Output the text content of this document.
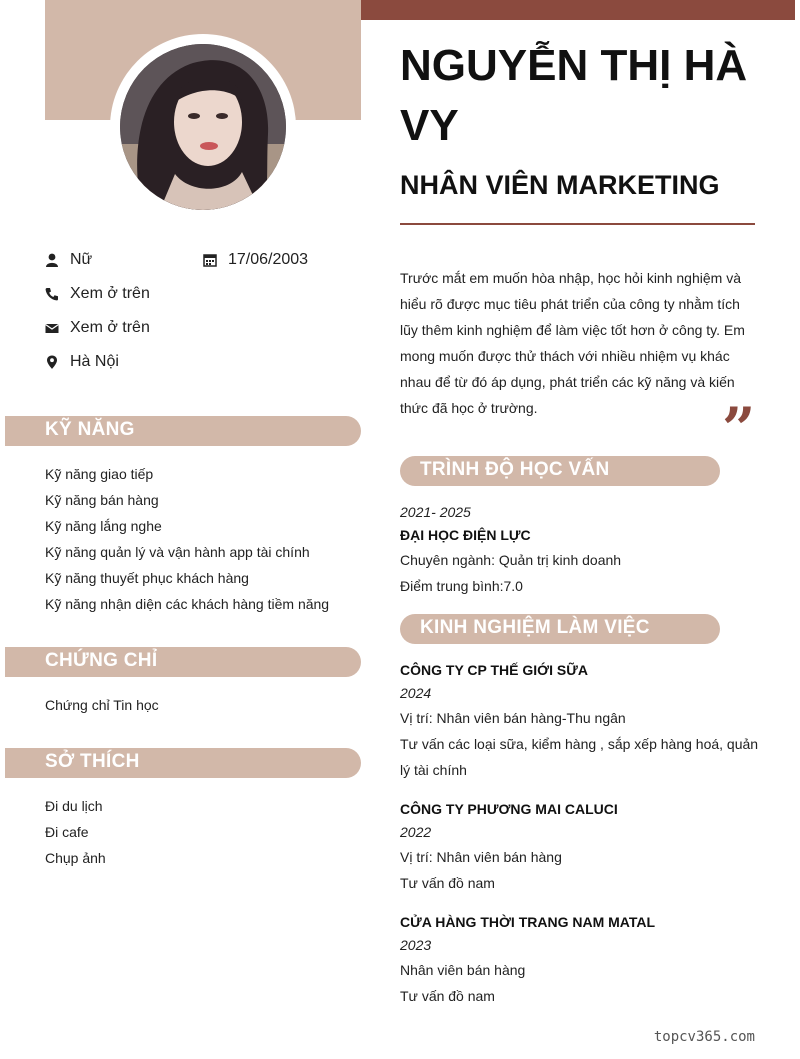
Nữ	17/06/2003
Xem ở trên
Xem ở trên
Hà Nội
KỸ NĂNG
Kỹ năng giao tiếp
Kỹ năng bán hàng
Kỹ năng lắng nghe
Kỹ năng quản lý và vận hành app tài chính
Kỹ năng thuyết phục khách hàng
Kỹ năng nhận diện các khách hàng tiềm năng
CHỨNG CHỈ
Chứng chỉ Tin học
SỞ THÍCH
Đi du lịch
Đi cafe
Chụp ảnh
NGUYỄN THỊ HÀ VY
NHÂN VIÊN MARKETING

Trước mắt em muốn hòa nhập, học hỏi kinh nghiệm và hiểu rõ được mục tiêu phát triển của công ty nhằm tích lũy thêm kinh nghiệm để làm việc tốt hơn ở công ty. Em mong muốn được thử thách với nhiều nhiệm vụ khác nhau để từ đó áp dụng, phát triển các kỹ năng và kiến thức đã học ở trường.	”
TRÌNH ĐỘ HỌC VẤN
2021- 2025
ĐẠI HỌC ĐIỆN LỰC
Chuyên ngành: Quản trị kinh doanh
Điểm trung bình:7.0
KINH NGHIỆM LÀM VIỆC
CÔNG TY CP THẾ GIỚI SỮA
2024
Vị trí: Nhân viên bán hàng-Thu ngân
Tư vấn các loại sữa, kiểm hàng , sắp xếp hàng hoá, quản lý tài chính
CÔNG TY PHƯƠNG MAI CALUCI
2022
Vị trí: Nhân viên bán hàng
Tư vấn đồ nam
CỬA HÀNG THỜI TRANG NAM MATAL
2023
Nhân viên bán hàng
Tư vấn đồ nam
topcv365.com
